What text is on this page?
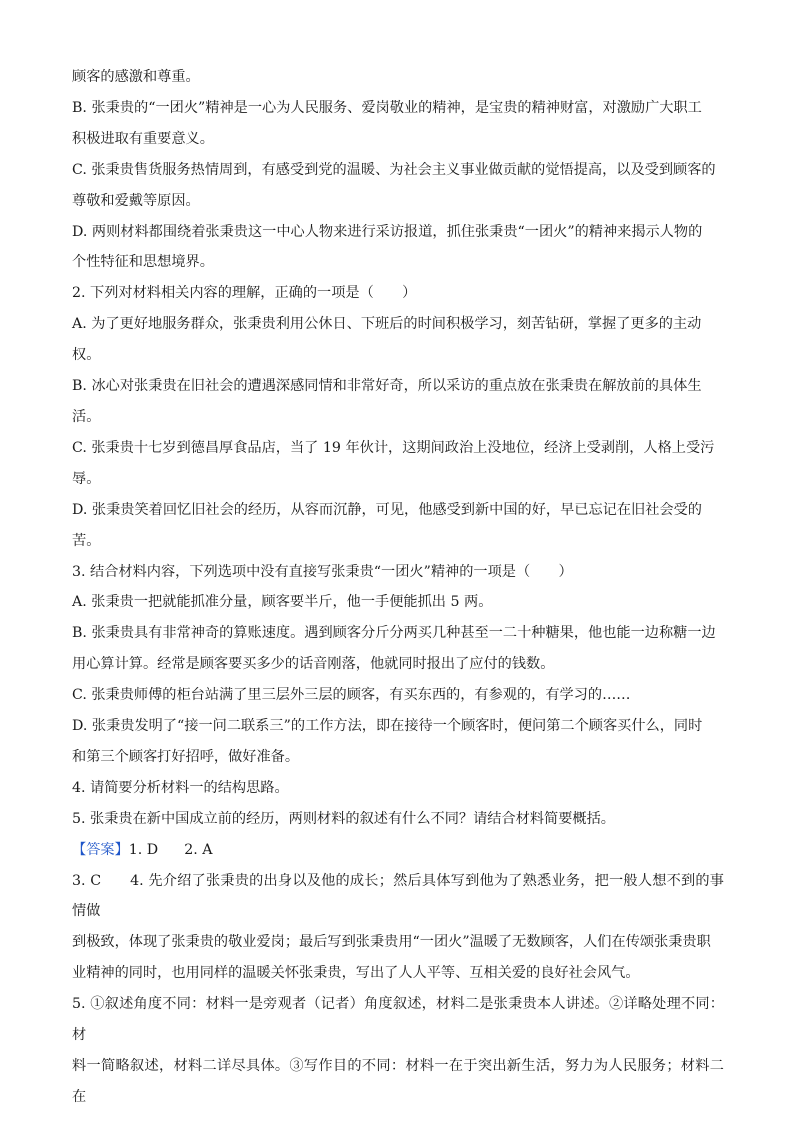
顾客的感激和尊重。

B. 张秉贵的“一团火”精神是一心为人民服务、爱岗敬业的精神，是宝贵的精神财富，对激励广大职工

积极进取有重要意义。

C. 张秉贵售货服务热情周到，有感受到党的温暖、为社会主义事业做贡献的觉悟提高，以及受到顾客的

尊敬和爱戴等原因。

D. 两则材料都围绕着张秉贵这一中心人物来进行采访报道，抓住张秉贵“一团火”的精神来揭示人物的

个性特征和思想境界。

2. 下列对材料相关内容的理解，正确的一项是（　　）

A. 为了更好地服务群众，张秉贵利用公休日、下班后的时间积极学习，刻苦钻研，掌握了更多的主动

权。

B. 冰心对张秉贵在旧社会的遭遇深感同情和非常好奇，所以采访的重点放在张秉贵在解放前的具体生

活。

C. 张秉贵十七岁到德昌厚食品店，当了 19 年伙计，这期间政治上没地位，经济上受剥削，人格上受污

辱。

D. 张秉贵笑着回忆旧社会的经历，从容而沉静，可见，他感受到新中国的好，早已忘记在旧社会受的

苦。

3. 结合材料内容，下列选项中没有直接写张秉贵“一团火”精神的一项是（　　）

A. 张秉贵一把就能抓准分量，顾客要半斤，他一手便能抓出 5 两。

B. 张秉贵具有非常神奇的算账速度。遇到顾客分斤分两买几种甚至一二十种糖果，他也能一边称糖一边

用心算计算。经常是顾客要买多少的话音刚落，他就同时报出了应付的钱数。

C. 张秉贵师傅的柜台站满了里三层外三层的顾客，有买东西的，有参观的，有学习的……

D. 张秉贵发明了“接一问二联系三”的工作方法，即在接待一个顾客时，便问第二个顾客买什么，同时

和第三个顾客打好招呼，做好准备。

4. 请简要分析材料一的结构思路。

5. 张秉贵在新中国成立前的经历，两则材料的叙述有什么不同？请结合材料简要概括。

【答案】1. D 2. A

3. C　　4. 先介绍了张秉贵的出身以及他的成长；然后具体写到他为了熟悉业务，把一般人想不到的事情做

到极致，体现了张秉贵的敬业爱岗；最后写到张秉贵用“一团火”温暖了无数顾客，人们在传颂张秉贵职

业精神的同时，也用同样的温暖关怀张秉贵，写出了人人平等、互相关爱的良好社会风气。

5. ①叙述角度不同：材料一是旁观者（记者）角度叙述，材料二是张秉贵本人讲述。②详略处理不同：材

料一简略叙述，材料二详尽具体。③写作目的不同：材料一在于突出新生活，努力为人民服务；材料二在
